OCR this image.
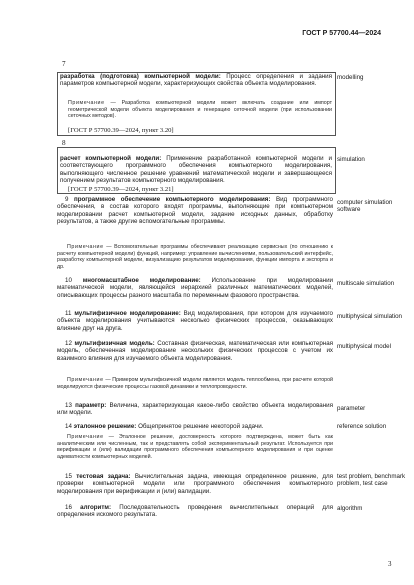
ГОСТ Р 57700.44—2024
7
разработка (подготовка) компьютерной модели: Процесс определения и задания параметров компьютерной модели, характеризующих свойства объекта моделирования.
Примечание — Разработка компьютерной модели может включать создание или импорт геометрической модели объекта моделирования и генерацию сеточной модели (при использовании сеточных методов).
[ГОСТ Р 57700.39—2024, пункт 3.20]
modelling
8
расчет компьютерной модели: Применение разработанной компьютерной модели и соответствующего программного обеспечения компьютерного моделирования, выполняющего численное решение уравнений математической модели и завершающееся получением результатов компьютерного моделирования.
[ГОСТ Р 57700.39—2024, пункт 3.21]
simulation
9 программное обеспечение компьютерного моделирования: Вид программного обеспечения, в состав которого входят программы, выполняющие при компьютерном моделировании расчет компьютерной модели, задание исходных данных, обработку результатов, а также другие вспомогательные программы.
computer simulation software
Примечание — Вспомогательные программы обеспечивают реализацию сервисных (по отношению к расчету компьютерной модели) функций, например: управление вычислениями, пользовательский интерфейс, разработку компьютерной модели, визуализацию результатов моделирования, функции импорта и экспорта и др.
10 многомасштабное моделирование: Использование при моделировании математической модели, являющейся иерархией различных математических моделей, описывающих процессы разного масштаба по переменным фазового пространства.
multiscale simulation
11 мультифизичное моделирование: Вид моделирования, при котором для изучаемого объекта моделирования учитываются несколько физических процессов, оказывающих влияние друг на друга.
multiphysical simulation
12 мультифизичная модель: Составная физическая, математическая или компьютерная модель, обеспеченная моделирование нескольких физических процессов с учетом их взаимного влияния для изучаемого объекта моделирования.
multiphysical model
Примечание — Примером мультифизичной модели является модель теплообмена, при расчете которой моделируются физические процессы газовой динамики и теплопроводности.
13 параметр: Величина, характеризующая какое-либо свойство объекта моделирования или модели.
parameter
14 эталонное решение: Общепринятое решение некоторой задачи.	reference solution
Примечание — Эталонное решение, достоверность которого подтверждена, может быть как аналитическим или численным, так и представлять собой экспериментальный результат. Используется при верификации и (или) валидации программного обеспечения компьютерного моделирования и при оценке адекватности компьютерных моделей.
15 тестовая задача: Вычислительная задача, имеющая определенное решение, для проверки компьютерной модели или программного обеспечения компьютерного моделирования при верификации и (или) валидации.
test problem, benchmark problem, test case
16 алгоритм: Последовательность проведения вычислительных операций для определения искомого результата.
algorithm
3
